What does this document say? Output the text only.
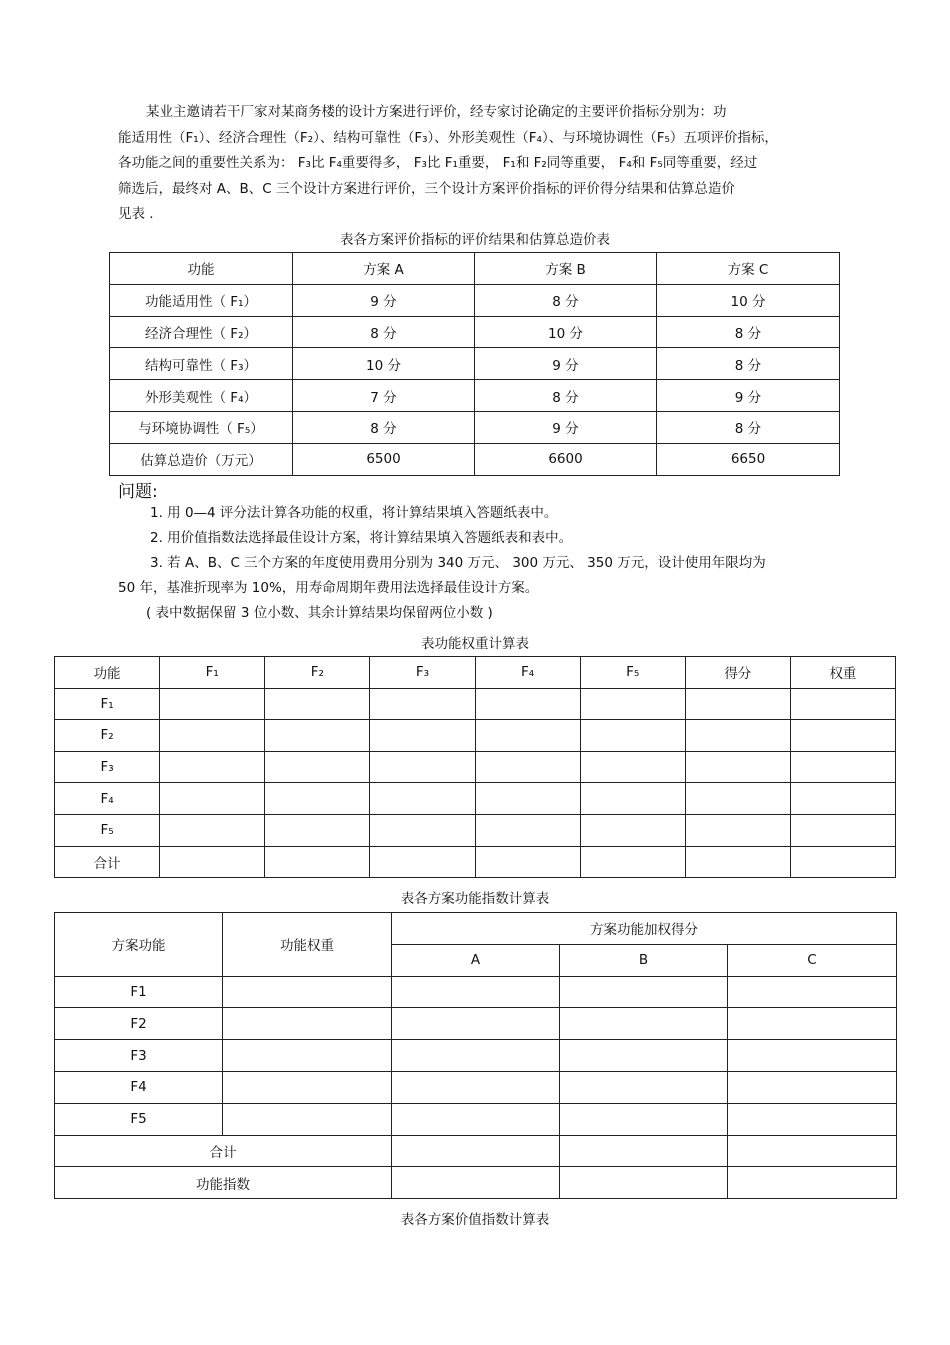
某业主邀请若干厂家对某商务楼的设计方案进行评价，经专家讨论确定的主要评价指标分别为：功

能适用性（F₁）、经济合理性（F₂）、结构可靠性（F₃）、外形美观性（F₄）、与环境协调性（F₅）五项评价指标，

各功能之间的重要性关系为： F₃比 F₄重要得多， F₃比 F₁重要， F₁和 F₂同等重要， F₄和 F₅同等重要，经过

筛选后，最终对 A、B、C 三个设计方案进行评价，三个设计方案评价指标的评价得分结果和估算总造价

见表 .

表各方案评价指标的评价结果和估算总造价表
功能	方案 A	方案 B	方案 C
功能适用性（ F₁）	9 分	8 分	10 分
经济合理性（ F₂）	8 分	10 分	8 分
结构可靠性（ F₃）	10 分	9 分	8 分
外形美观性（ F₄）	7 分	8 分	9 分
与环境协调性（ F₅）	8 分	9 分	8 分
估算总造价（万元）	6500	6600	6650
问题:

1. 用 0—4 评分法计算各功能的权重，将计算结果填入答题纸表中。

2. 用价值指数法选择最佳设计方案，将计算结果填入答题纸表和表中。

3. 若 A、B、C 三个方案的年度使用费用分别为 340 万元、 300 万元、 350 万元，设计使用年限均为

50 年，基准折现率为 10%，用寿命周期年费用法选择最佳设计方案。

( 表中数据保留 3 位小数、其余计算结果均保留两位小数 )

表功能权重计算表
功能	F₁	F₂	F₃	F₄	F₅	得分	权重
F₁							
F₂							
F₃							
F₄							
F₅							
合计							
表各方案功能指数计算表
方案功能	功能权重	方案功能加权得分		
		A	B	C
F1				
F2				
F3				
F4				
F5				
合计				
功能指数				
表各方案价值指数计算表
